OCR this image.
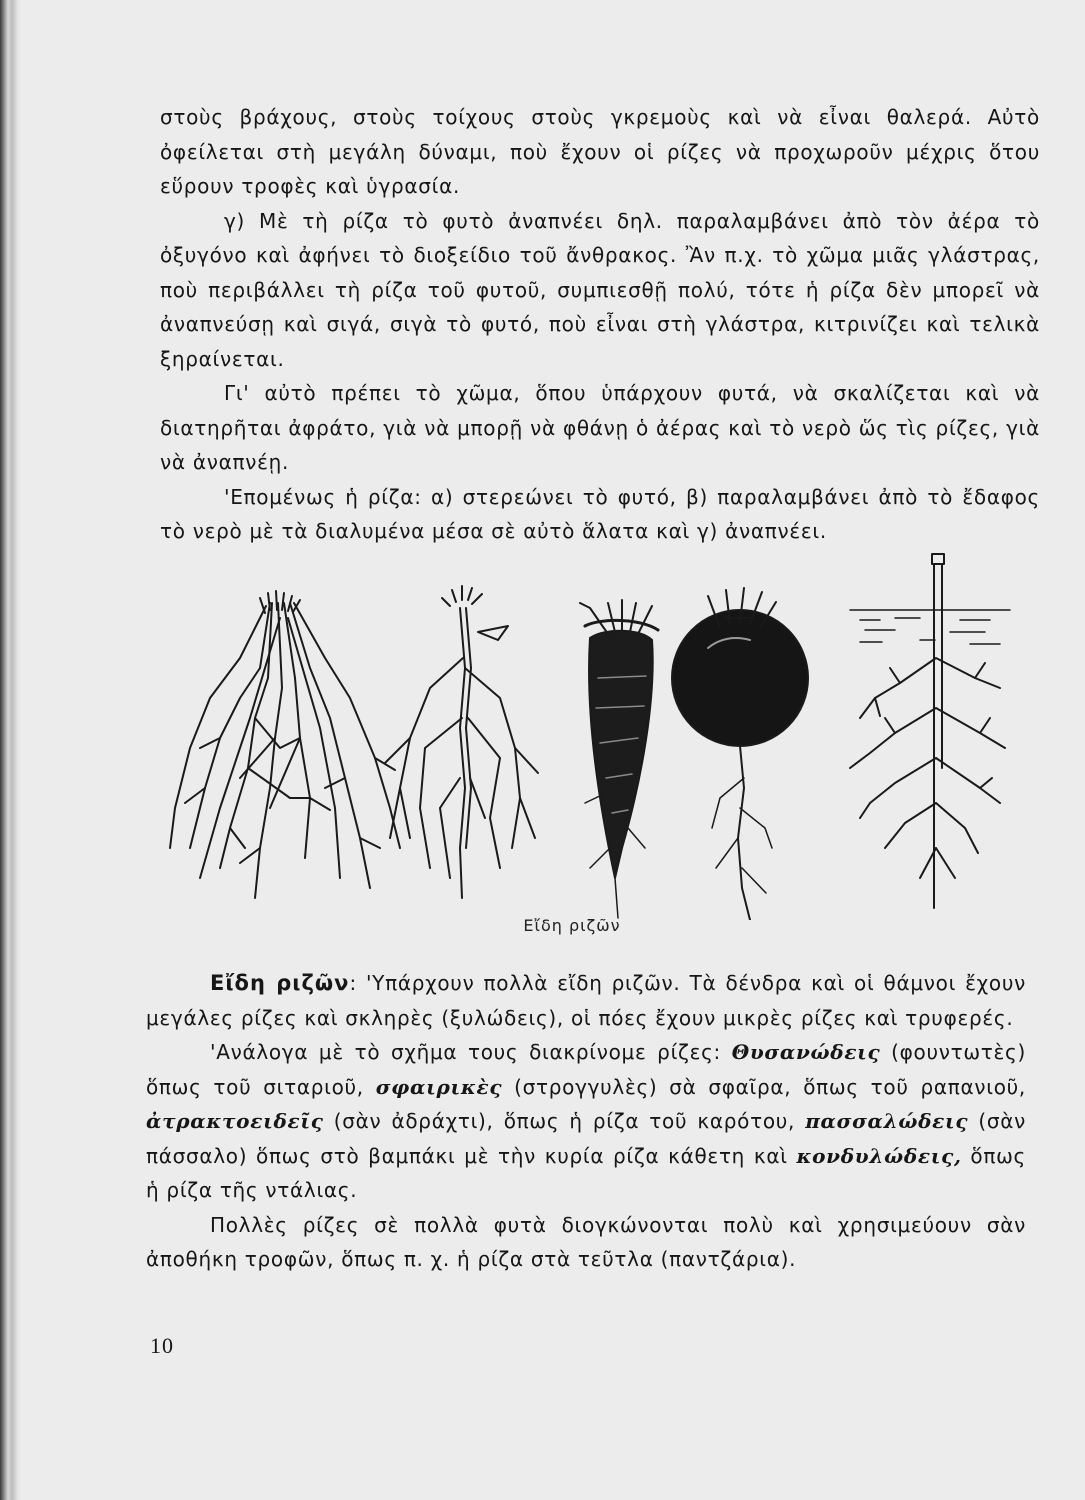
στοὺς βράχους, στοὺς τοίχους στοὺς γκρεμοὺς καὶ νὰ εἶναι θαλερά. Αὐτὸ ὀφείλεται στὴ μεγάλη δύναμι, ποὺ ἔχουν οἱ ρίζες νὰ προχωροῦν μέχρις ὅτου εὕρουν τροφὲς καὶ ὑγρασία.

γ) Μὲ τὴ ρίζα τὸ φυτὸ ἀναπνέει δηλ. παραλαμβάνει ἀπὸ τὸν ἀέρα τὸ ὀξυγόνο καὶ ἀφήνει τὸ διοξείδιο τοῦ ἄνθρακος. Ἂν π.χ. τὸ χῶμα μιᾶς γλάστρας, ποὺ περιβάλλει τὴ ρίζα τοῦ φυτοῦ, συμπιεσθῇ πολύ, τότε ἡ ρίζα δὲν μπορεῖ νὰ ἀναπνεύσῃ καὶ σιγά, σιγὰ τὸ φυτό, ποὺ εἶναι στὴ γλάστρα, κιτρινίζει καὶ τελικὰ ξηραίνεται.

Γι' αὐτὸ πρέπει τὸ χῶμα, ὅπου ὑπάρχουν φυτά, νὰ σκαλίζεται καὶ νὰ διατηρῆται ἀφράτο, γιὰ νὰ μπορῇ νὰ φθάνῃ ὁ ἀέρας καὶ τὸ νερὸ ὥς τὶς ρίζες, γιὰ νὰ ἀναπνέῃ.

'Επομένως ἡ ρίζα: α) στερεώνει τὸ φυτό, β) παραλαμβάνει ἀπὸ τὸ ἔδαφος τὸ νερὸ μὲ τὰ διαλυμένα μέσα σὲ αὐτὸ ἅλατα καὶ γ) ἀναπνέει.

Εἴδη ριζῶν

Εἴδη ριζῶν: 'Υπάρχουν πολλὰ εἴδη ριζῶν. Τὰ δένδρα καὶ οἱ θάμνοι ἔχουν μεγάλες ρίζες καὶ σκληρὲς (ξυλώδεις), οἱ πόες ἔχουν μικρὲς ρίζες καὶ τρυφερές.

'Ανάλογα μὲ τὸ σχῆμα τους διακρίνομε ρίζες: Θυσανώδεις (φουντωτὲς) ὅπως τοῦ σιταριοῦ, σφαιρικὲς (στρογγυλὲς) σὰ σφαῖρα, ὅπως τοῦ ραπανιοῦ, ἀτρακτοειδεῖς (σὰν ἀδράχτι), ὅπως ἡ ρίζα τοῦ καρότου, πασσαλώδεις (σὰν πάσσαλο) ὅπως στὸ βαμπάκι μὲ τὴν κυρία ρίζα κάθετη καὶ κονδυλώδεις, ὅπως ἡ ρίζα τῆς ντάλιας.

Πολλὲς ρίζες σὲ πολλὰ φυτὰ διογκώνονται πολὺ καὶ χρησιμεύουν σὰν ἀποθήκη τροφῶν, ὅπως π. χ. ἡ ρίζα στὰ τεῦτλα (παντζάρια).

10
